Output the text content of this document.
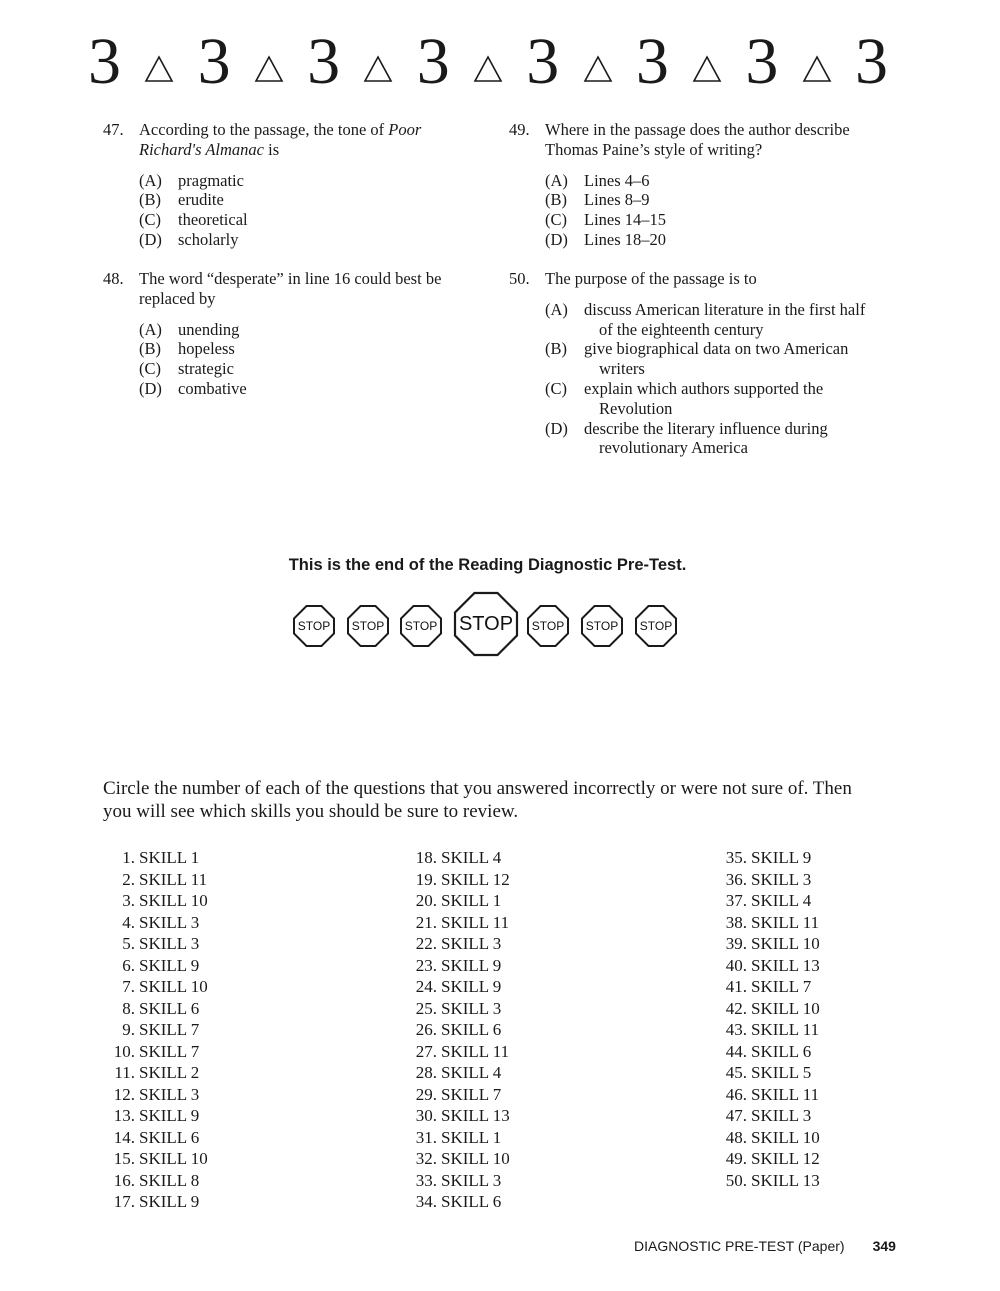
3 3 3 3 3 3 3 3
47. According to the passage, the tone of Poor Richard's Almanac is
(A) pragmatic
(B)	erudite
(C)	theoretical
(D) scholarly
48. The word “desperate” in line 16 could best be replaced by
(A) unending
(B)	hopeless
(C)	strategic
(D) combative
49. Where in the passage does the author describe Thomas Paine’s style of writing?
(A) Lines 4–6
(B)	Lines 8–9
(C)	Lines 14–15
(D) Lines 18–20
50. The purpose of the passage is to
(A) discuss American literature in the first half of the eighteenth century
(B)	give biographical data on two American writers
(C)	explain which authors supported the Revolution
(D) describe the literary influence during revolutionary America
This is the end of the Reading Diagnostic Pre-Test.
STOP	STOP	STOP STOP	STOP	STOP	STOP
Circle the number of each of the questions that you answered incorrectly or were not sure of. Then you will see which skills you should be sure to review.
1. SKILL 1
2. SKILL 11
3. SKILL 10
4. SKILL 3
5. SKILL 3
6. SKILL 9
7. SKILL 10
8. SKILL 6
9. SKILL 7
10. SKILL 7
11. SKILL 2
12. SKILL 3
13. SKILL 9
14. SKILL 6
15. SKILL 10
16. SKILL 8
17. SKILL 9
18. SKILL 4
19. SKILL 12
20. SKILL 1
21. SKILL 11
22. SKILL 3
23. SKILL 9
24. SKILL 9
25. SKILL 3
26. SKILL 6
27. SKILL 11
28. SKILL 4
29. SKILL 7
30. SKILL 13
31. SKILL 1
32. SKILL 10
33. SKILL 3
34. SKILL 6
35. SKILL 9
36. SKILL 3
37. SKILL 4
38. SKILL 11
39. SKILL 10
40. SKILL 13
41. SKILL 7
42. SKILL 10
43. SKILL 11
44. SKILL 6
45. SKILL 5
46. SKILL 11
47. SKILL 3
48. SKILL 10
49. SKILL 12
50. SKILL 13
DIAGNOSTIC PRE-TEST (Paper) 349
